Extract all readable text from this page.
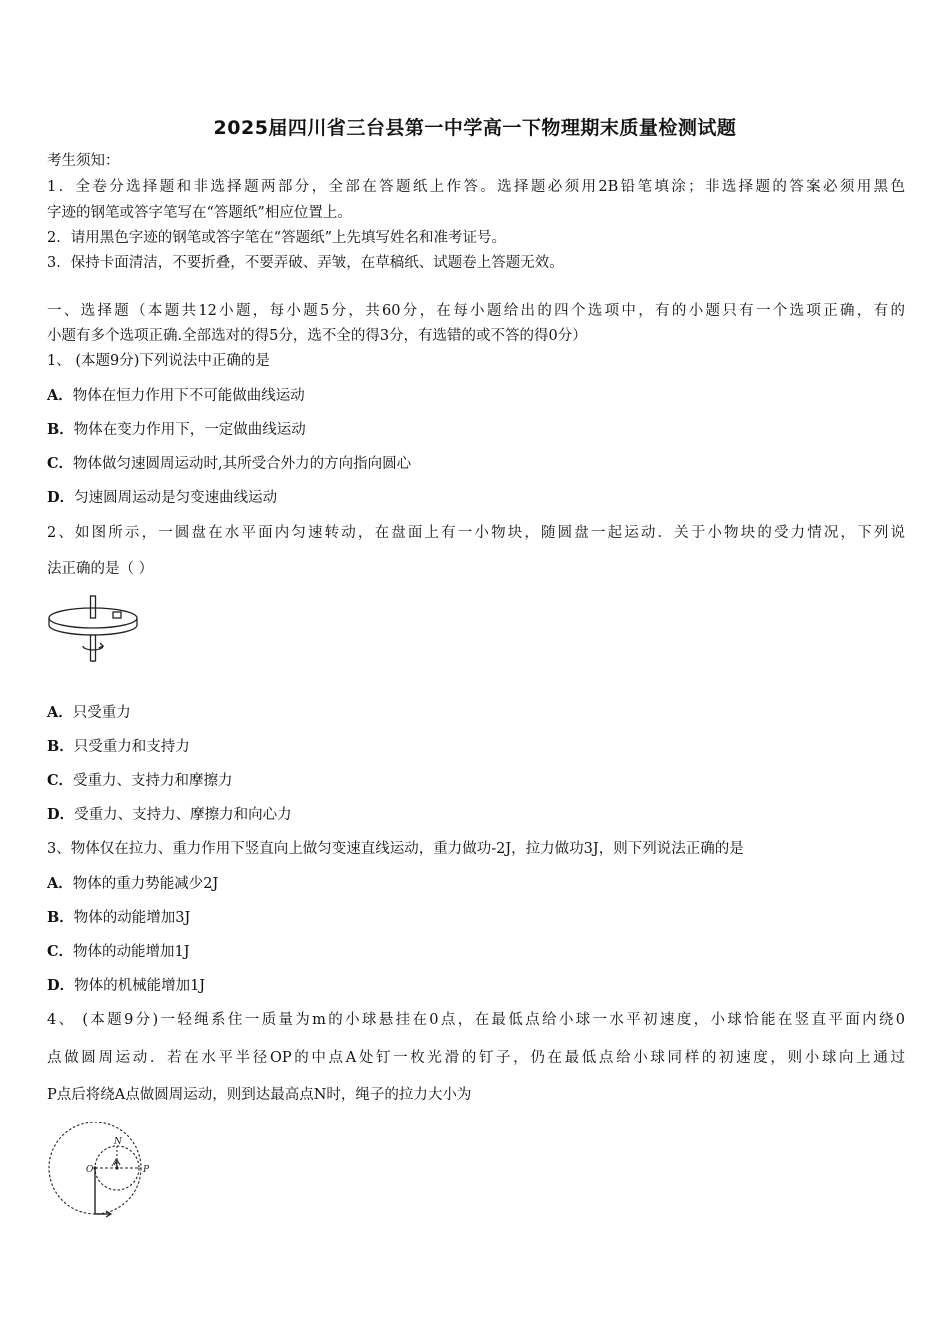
2025届四川省三台县第一中学高一下物理期末质量检测试题
考生须知：
1．全卷分选择题和非选择题两部分，全部在答题纸上作答。选择题必须用2B铅笔填涂；非选择题的答案必须用黑色
字迹的钢笔或答字笔写在“答题纸”相应位置上。
2．请用黑色字迹的钢笔或答字笔在“答题纸”上先填写姓名和准考证号。
3．保持卡面清洁，不要折叠，不要弄破、弄皱，在草稿纸、试题卷上答题无效。
一、选择题（本题共12小题，每小题5分，共60分，在每小题给出的四个选项中，有的小题只有一个选项正确，有的
小题有多个选项正确.全部选对的得5分，选不全的得3分，有选错的或不答的得0分）
1、 (本题9分)下列说法中正确的是
A．物体在恒力作用下不可能做曲线运动
B．物体在变力作用下，一定做曲线运动
C．物体做匀速圆周运动时,其所受合外力的方向指向圆心
D．匀速圆周运动是匀变速曲线运动
2、如图所示，一圆盘在水平面内匀速转动，在盘面上有一小物块，随圆盘一起运动．关于小物块的受力情况，下列说
法正确的是（ ）
A．只受重力
B．只受重力和支持力
C．受重力、支持力和摩擦力
D．受重力、支持力、摩擦力和向心力
3、物体仅在拉力、重力作用下竖直向上做匀变速直线运动，重力做功-2J，拉力做功3J，则下列说法正确的是
A．物体的重力势能减少2J
B．物体的动能增加3J
C．物体的动能增加1J
D．物体的机械能增加1J
4、 (本题9分)一轻绳系住一质量为m的小球悬挂在0点，在最低点给小球一水平初速度，小球恰能在竖直平面内绕0
点做圆周运动．若在水平半径OP的中点A处钉一枚光滑的钉子，仍在最低点给小球同样的初速度，则小球向上通过
P点后将绕A点做圆周运动，则到达最高点N时，绳子的拉力大小为
N
O
A
P
